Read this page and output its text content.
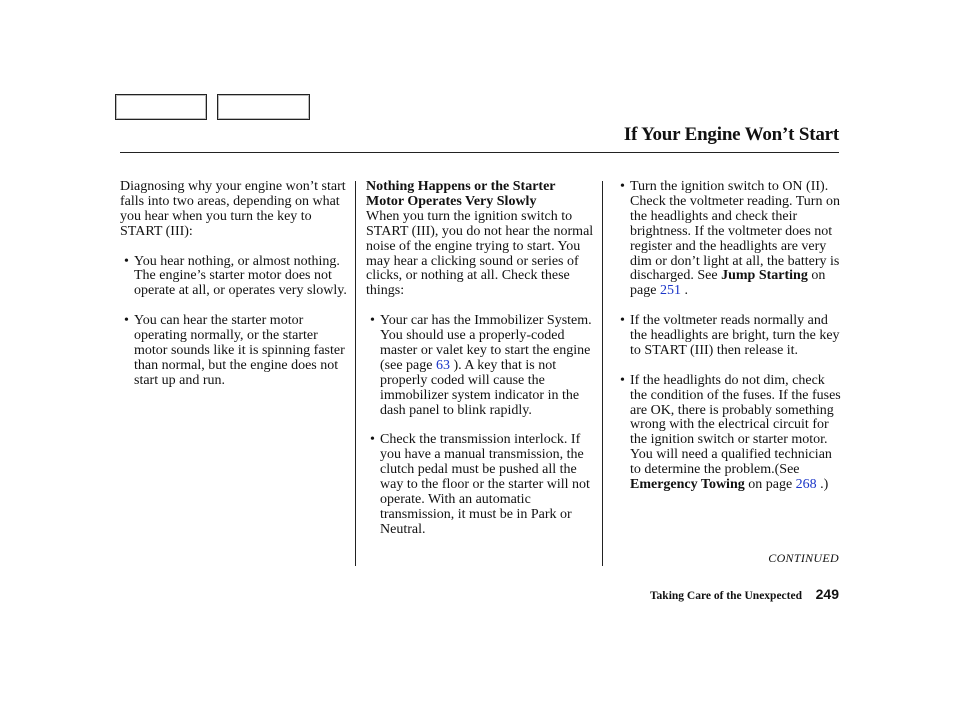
If Your Engine Won’t Start

Diagnosing why your engine won’t start falls into two areas, depending on what you hear when you turn the key to START (III):

• You hear nothing, or almost nothing. The engine’s starter motor does not operate at all, or operates very slowly.

• You can hear the starter motor operating normally, or the starter motor sounds like it is spinning faster than normal, but the engine does not start up and run.

Nothing Happens or the Starter Motor Operates Very Slowly

When you turn the ignition switch to START (III), you do not hear the normal noise of the engine trying to start. You may hear a clicking sound or series of clicks, or nothing at all. Check these things:

• Your car has the Immobilizer System. You should use a properly-coded master or valet key to start the engine (see page 63 ). A key that is not properly coded will cause the immobilizer system indicator in the dash panel to blink rapidly.

• Check the transmission interlock. If you have a manual transmission, the clutch pedal must be pushed all the way to the floor or the starter will not operate. With an automatic transmission, it must be in Park or Neutral.

• Turn the ignition switch to ON (II). Check the voltmeter reading. Turn on the headlights and check their brightness. If the voltmeter does not register and the headlights are very dim or don’t light at all, the battery is discharged. See Jump Starting on page 251 .

• If the voltmeter reads normally and the headlights are bright, turn the key to START (III) then release it.

• If the headlights do not dim, check the condition of the fuses. If the fuses are OK, there is probably something wrong with the electrical circuit for the ignition switch or starter motor. You will need a qualified technician to determine the problem.(See Emergency Towing on page 268 .)

CONTINUED
Taking Care of the Unexpected 249
